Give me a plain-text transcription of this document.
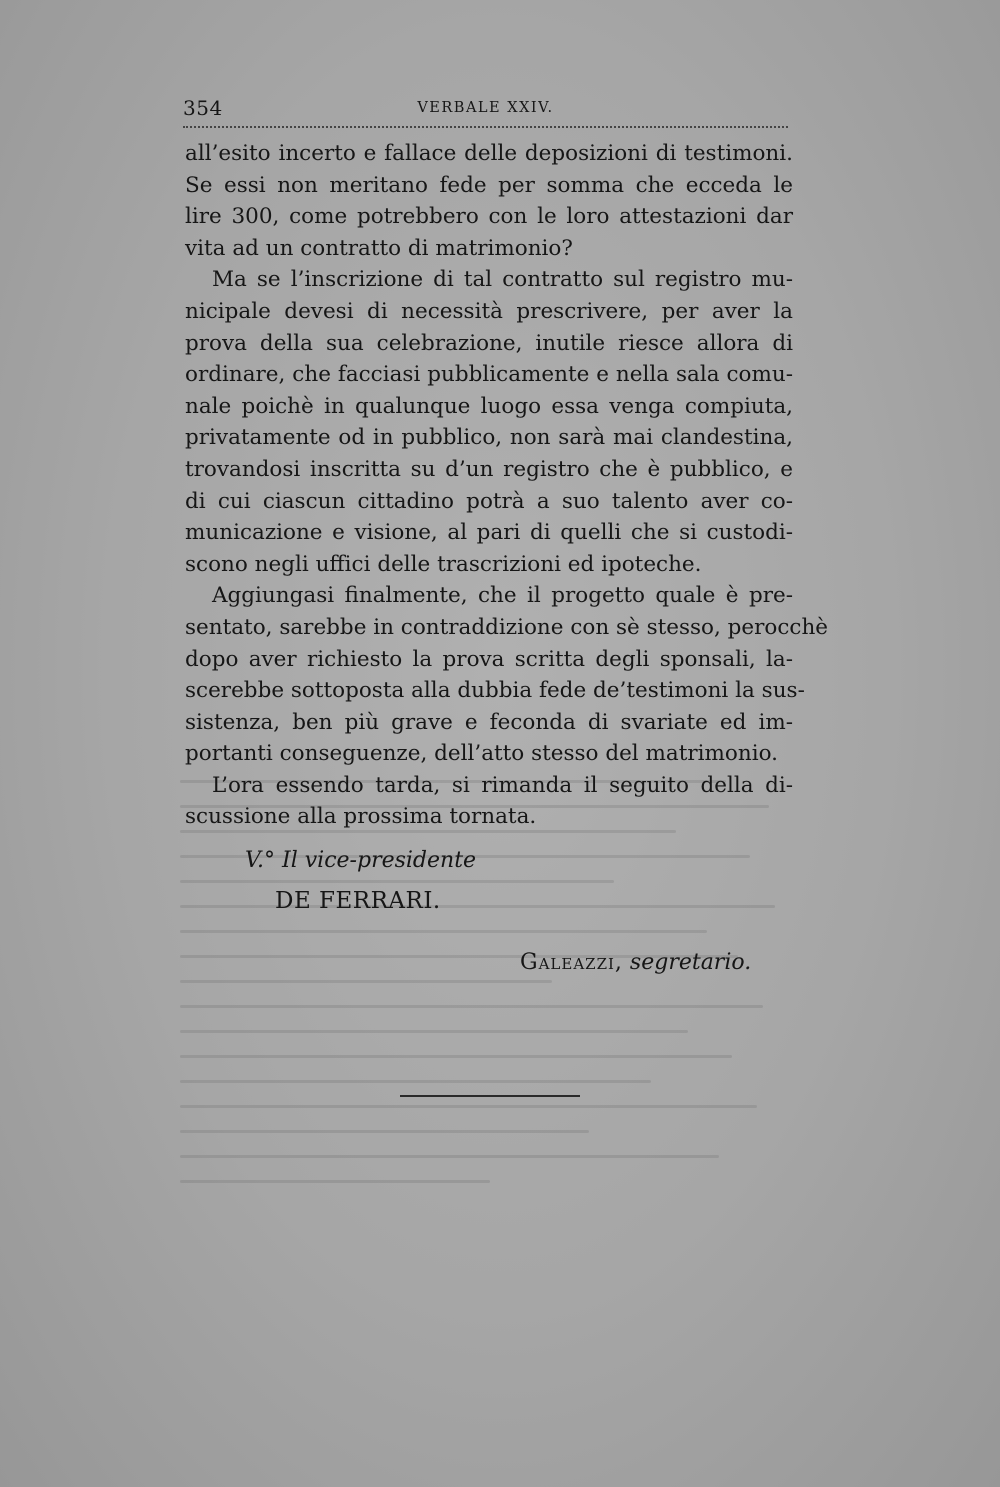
354	VERBALE XXIV.
all’esito incerto e fallace delle deposizioni di testimoni.
Se essi non meritano fede per somma che ecceda le
lire 300, come potrebbero con le loro attestazioni dar
vita ad un contratto di matrimonio?
Ma se l’inscrizione di tal contratto sul registro mu-
nicipale devesi di necessità prescrivere, per aver la
prova della sua celebrazione, inutile riesce allora di
ordinare, che facciasi pubblicamente e nella sala comu-
nale poichè in qualunque luogo essa venga compiuta,
privatamente od in pubblico, non sarà mai clandestina,
trovandosi inscritta su d’un registro che è pubblico, e
di cui ciascun cittadino potrà a suo talento aver co-
municazione e visione, al pari di quelli che si custodi-
scono negli uffici delle trascrizioni ed ipoteche.
Aggiungasi finalmente, che il progetto quale è pre-
sentato, sarebbe in contraddizione con sè stesso, perocchè
dopo aver richiesto la prova scritta degli sponsali, la-
scerebbe sottoposta alla dubbia fede de’testimoni la sus-
sistenza, ben più grave e feconda di svariate ed im-
portanti conseguenze, dell’atto stesso del matrimonio.
L’ora essendo tarda, si rimanda il seguito della di-
scussione alla prossima tornata.
V.° Il vice-presidente
DE FERRARI.
Galeazzi, segretario.
